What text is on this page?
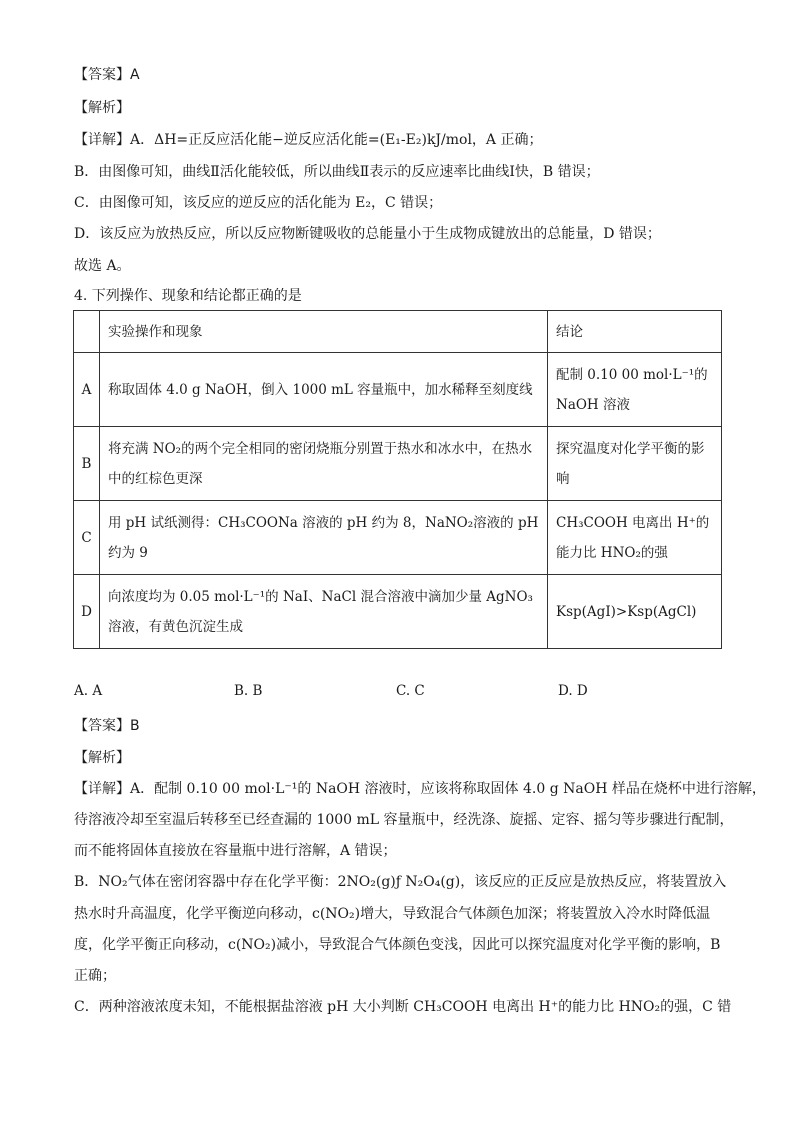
【答案】A
【解析】
【详解】A．ΔH=正反应活化能−逆反应活化能=(E₁-E₂)kJ/mol，A 正确；
B．由图像可知，曲线Ⅱ活化能较低，所以曲线Ⅱ表示的反应速率比曲线Ⅰ快，B 错误；
C．由图像可知，该反应的逆反应的活化能为 E₂，C 错误；
D．该反应为放热反应，所以反应物断键吸收的总能量小于生成物成键放出的总能量，D 错误；
故选 A。
4. 下列操作、现象和结论都正确的是
	实验操作和现象	结论
A	称取固体 4.0 g NaOH，倒入 1000 mL 容量瓶中，加水稀释至刻度线	配制 0.10 00 mol·L⁻¹的 NaOH 溶液
B	将充满 NO₂的两个完全相同的密闭烧瓶分别置于热水和冰水中，在热水中的红棕色更深	探究温度对化学平衡的影响
C	用 pH 试纸测得：CH₃COONa 溶液的 pH 约为 8，NaNO₂溶液的 pH 约为 9	CH₃COOH 电离出 H⁺的能力比 HNO₂的强
D	向浓度均为 0.05 mol·L⁻¹的 NaI、NaCl 混合溶液中滴加少量 AgNO₃溶液，有黄色沉淀生成	Ksp(AgI)>Ksp(AgCl)
A. A	B. B	C. C	D. D
【答案】B
【解析】
【详解】A．配制 0.10 00 mol·L⁻¹的 NaOH 溶液时，应该将称取固体 4.0 g NaOH 样品在烧杯中进行溶解，
待溶液冷却至室温后转移至已经查漏的 1000 mL 容量瓶中，经洗涤、旋摇、定容、摇匀等步骤进行配制，
而不能将固体直接放在容量瓶中进行溶解，A 错误；
B．NO₂气体在密闭容器中存在化学平衡：2NO₂(g)ƒ N₂O₄(g)，该反应的正反应是放热反应，将装置放入
热水时升高温度，化学平衡逆向移动，c(NO₂)增大，导致混合气体颜色加深；将装置放入冷水时降低温
度，化学平衡正向移动，c(NO₂)减小，导致混合气体颜色变浅，因此可以探究温度对化学平衡的影响，B
正确；
C．两种溶液浓度未知，不能根据盐溶液 pH 大小判断 CH₃COOH 电离出 H⁺的能力比 HNO₂的强，C 错
